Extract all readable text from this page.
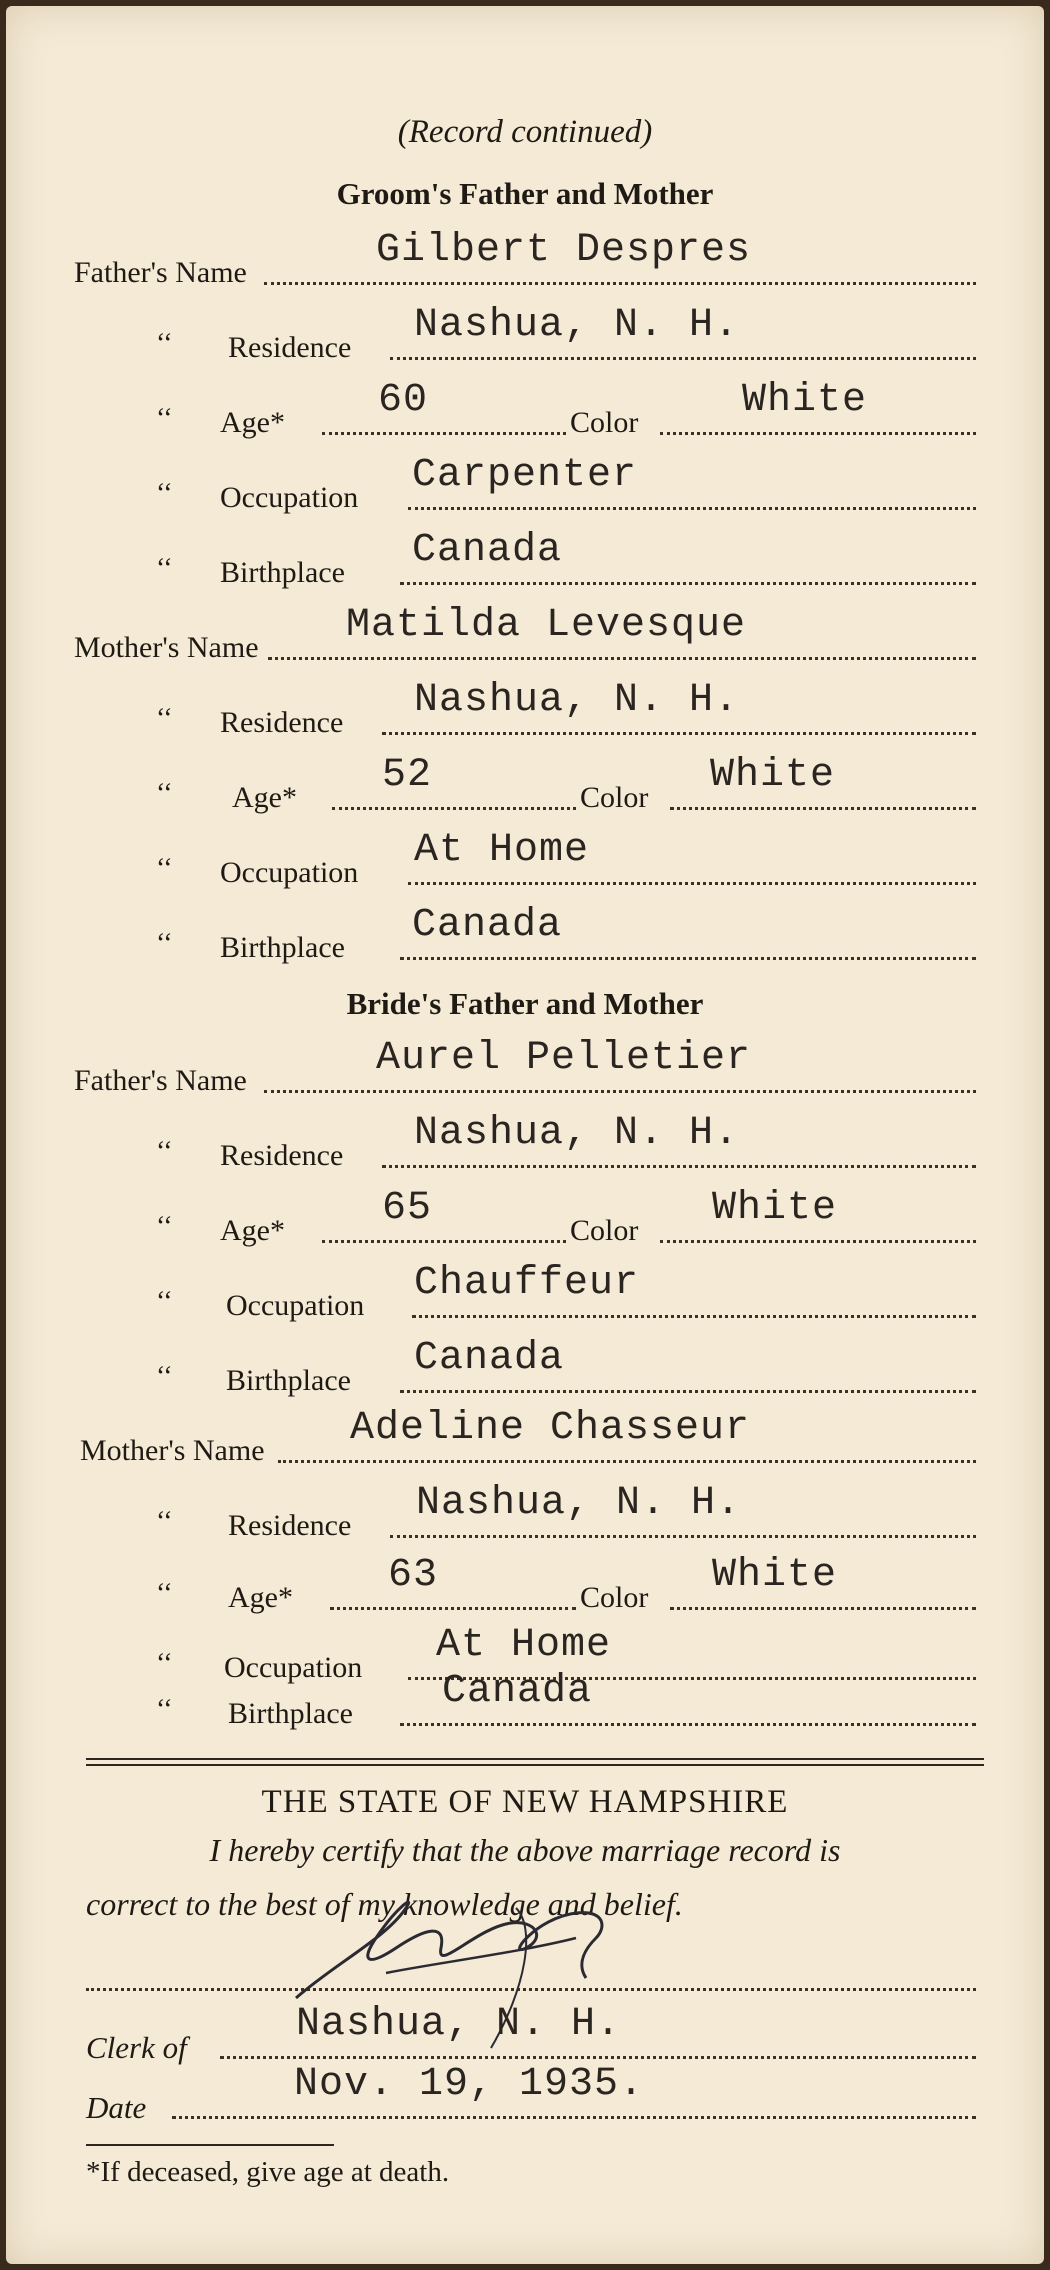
(Record continued)
Groom's Father and Mother
Father's Name	Gilbert Despres
‘‘ Residence Nashua, N. H.
‘‘ Age* 60	Color	White
‘‘ Occupation Carpenter
‘‘ Birthplace Canada
Mother's Name Matilda Levesque
‘‘ Residence Nashua, N. H.
‘‘ Age* 52	Color White
‘‘ Occupation At Home
‘‘ Birthplace Canada
Bride's Father and Mother
Father's Name	Aurel Pelletier
‘‘ Residence Nashua, N. H.
‘‘ Age* 65	Color White
‘‘ Occupation Chauffeur
‘‘ Birthplace Canada
Mother's Name Adeline Chasseur
‘‘ Residence Nashua, N. H.
‘‘ Age* 63	Color White
‘‘ Occupation At Home
‘‘ Birthplace Canada
THE STATE OF NEW HAMPSHIRE
I hereby certify that the above marriage record is
correct to the best of my knowledge and belief.
Clerk of
Nashua, N. H.
Date
Nov. 19, 1935.
*If deceased, give age at death.
